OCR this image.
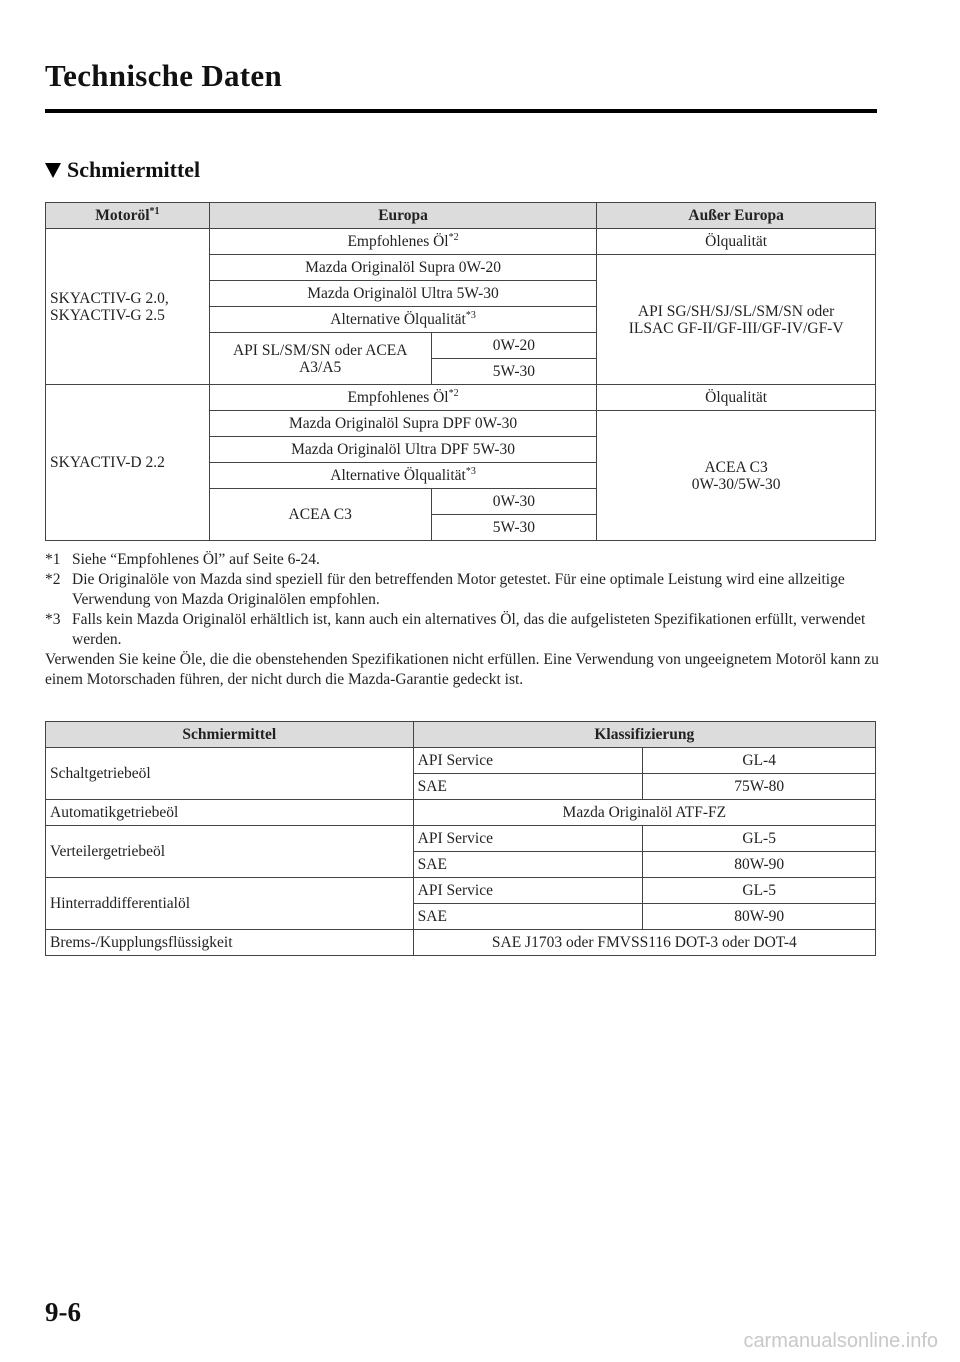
Technische Daten
Schmiermittel
Motoröl$^{*1}$	Europa		Außer Europa
SKYACTIV-G 2.0,
SKYACTIV-G 2.5	Empfohlenes $Öl^{*2}$		Ölqualität
	Mazda Originalöl Supra 0W-20		API SG/SH/SJ/SL/SM/SN oder
ILSAC GF-II/GF-III/GF-IV/GF-V
	Mazda Originalöl Ultra 5W-30		
	Alternative Ölqualität$^{*3}$
	API SL/SM/SN oder ACEA A3/A5	0W-20	
		5W-30	
SKYACTIV-D 2.2	Empfohlenes $Öl^{*2}$		Ölqualität
	Mazda Originalöl Supra DPF 0W-30		ACEA C3
0W-30/5W-30
	Mazda Originalöl Ultra DPF 5W-30		
	Alternative Ölqualität$^{*3}$
	ACEA C3	0W-30	
		5W-30	
*1 Siehe “Empfohlenes Öl” auf Seite 6-24.
*2 Die Originalöle von Mazda sind speziell für den betreffenden Motor getestet. Für eine optimale Leistung wird eine allzeitige Verwendung von Mazda Originalölen empfohlen.
*3 Falls kein Mazda Originalöl erhältlich ist, kann auch ein alternatives Öl, das die aufgelisteten Spezifikationen erfüllt, verwendet werden.
Verwenden Sie keine Öle, die die obenstehenden Spezifikationen nicht erfüllen. Eine Verwendung von ungeeignetem Motoröl kann zu einem Motorschaden führen, der nicht durch die Mazda-Garantie gedeckt ist.
Schmiermittel	Klassifizierung	
Schaltgetriebeöl	API Service	GL-4
	SAE	75W-80
Automatikgetriebeöl	Mazda Originalöl ATF-FZ	
Verteilergetriebeöl	API Service	GL-5
	SAE	80W-90
Hinterraddifferentialöl	API Service	GL-5
	SAE	80W-90
Brems-/Kupplungsflüssigkeit	SAE J1703 oder FMVSS116 DOT-3 oder DOT-4	
9-6
carmanualsonline.info
